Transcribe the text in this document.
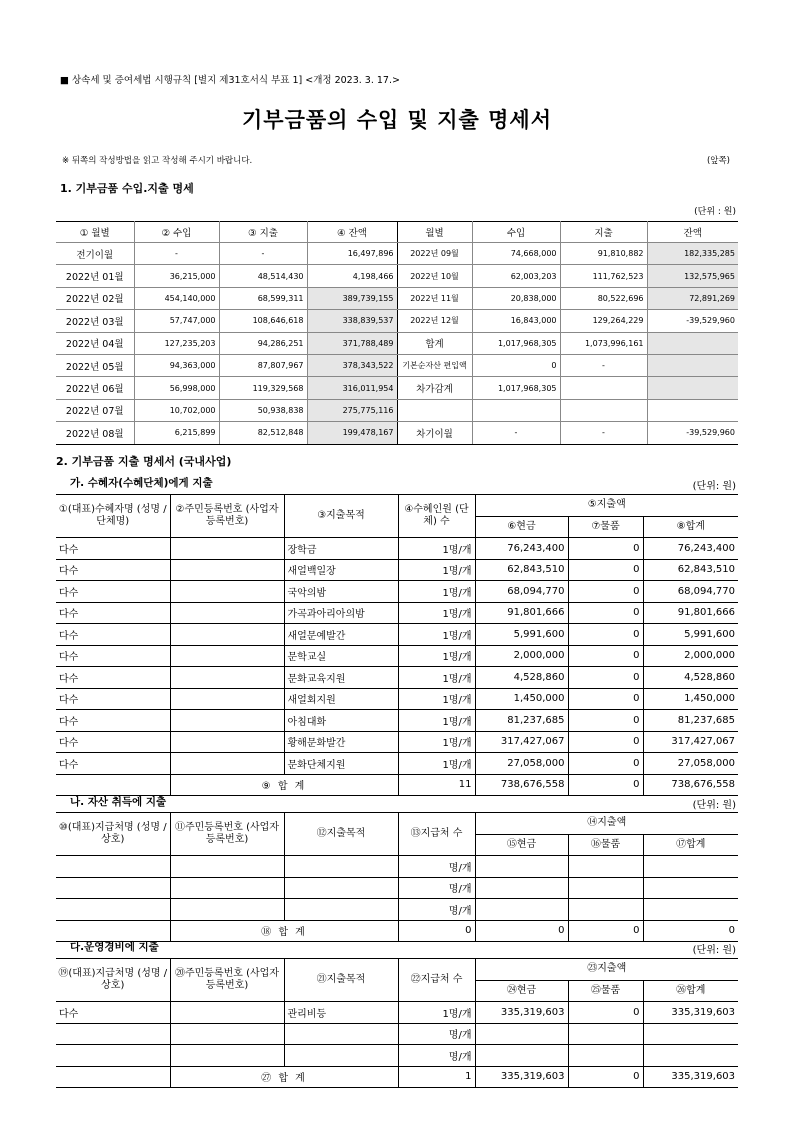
■ 상속세 및 증여세법 시행규칙 [별지 제31호서식 부표 1] <개정 2023. 3. 17.>
기부금품의 수입 및 지출 명세서
※ 뒤쪽의 작성방법을 읽고 작성해 주시기 바랍니다.	(앞쪽)
1. 기부금품 수입.지출 명세
(단위 : 원)
① 월별	② 수입	③ 지출	④ 잔액	월별	수입	지출	잔액
전기이월	-	-	16,497,896	2022년 09월	74,668,000	91,810,882	182,335,285
2022년 01월	36,215,000	48,514,430	4,198,466	2022년 10월	62,003,203	111,762,523	132,575,965
2022년 02월	454,140,000	68,599,311	389,739,155	2022년 11월	20,838,000	80,522,696	72,891,269
2022년 03월	57,747,000	108,646,618	338,839,537	2022년 12월	16,843,000	129,264,229	-39,529,960
2022년 04월	127,235,203	94,286,251	371,788,489	합계	1,017,968,305	1,073,996,161	
2022년 05월	94,363,000	87,807,967	378,343,522	기본순자산 편입액	0	-	
2022년 06월	56,998,000	119,329,568	316,011,954	차가감계	1,017,968,305		
2022년 07월	10,702,000	50,938,838	275,775,116				
2022년 08월	6,215,899	82,512,848	199,478,167	차기이월	-	-	-39,529,960
2. 기부금품 지출 명세서 (국내사업)
가. 수혜자(수혜단체)에게 지출	(단위: 원)
①(대표)수혜자명 (성명 / 단체명)	②주민등록번호 (사업자등록번호)	③지출목적	④수혜인원 (단체) 수	⑤지출액		
				⑥현금	⑦물품	⑧합계
다수		장학금	1명/개	76,243,400	0	76,243,400
다수		새얼백일장	1명/개	62,843,510	0	62,843,510
다수		국악의밤	1명/개	68,094,770	0	68,094,770
다수		가곡과아리아의밤	1명/개	91,801,666	0	91,801,666
다수		새얼문예발간	1명/개	5,991,600	0	5,991,600
다수		문학교실	1명/개	2,000,000	0	2,000,000
다수		문화교육지원	1명/개	4,528,860	0	4,528,860
다수		새얼회지원	1명/개	1,450,000	0	1,450,000
다수		아침대화	1명/개	81,237,685	0	81,237,685
다수		황해문화발간	1명/개	317,427,067	0	317,427,067
다수		문화단체지원	1명/개	27,058,000	0	27,058,000
	⑨ 합 계		11	738,676,558	0	738,676,558
나. 자산 취득에 지출	(단위: 원)
⑩(대표)지급처명 (성명 / 상호)	⑪주민등록번호 (사업자등록번호)	⑫지출목적	⑬지급처 수	⑭지출액		
				⑮현금	⑯물품	⑰합계
			명/개			
			명/개			
			명/개			
	⑱ 합 계		0	0	0	0
다.운영경비에 지출	(단위: 원)
⑲(대표)지급처명 (성명 / 상호)	⑳주민등록번호 (사업자등록번호)	㉑지출목적	㉒지급처 수	㉓지출액		
				㉔현금	㉕물품	㉖합계
다수		관리비등	1명/개	335,319,603	0	335,319,603
			명/개			
			명/개			
	㉗ 합 계		1	335,319,603	0	335,319,603
